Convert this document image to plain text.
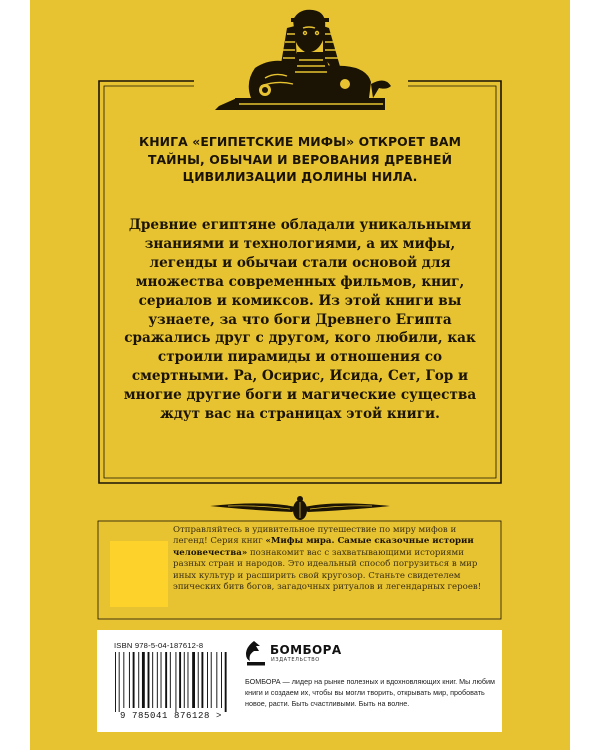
КНИГА «ЕГИПЕТСКИЕ МИФЫ» ОТКРОЕТ ВАМ ТАЙНЫ, ОБЫЧАИ И ВЕРОВАНИЯ ДРЕВНЕЙ ЦИВИЛИЗАЦИИ ДОЛИНЫ НИЛА.
Древние египтяне обладали уникальными знаниями и технологиями, а их мифы, легенды и обычаи стали основой для множества современных фильмов, книг, сериалов и комиксов. Из этой книги вы узнаете, за что боги Древнего Египта сражались друг с другом, кого любили, как строили пирамиды и отношения со смертными. Ра, Осирис, Исида, Сет, Гор и многие другие боги и магические существа ждут вас на страницах этой книги.
Отправляйтесь в удивительное путешествие по миру мифов и легенд! Серия книг «Мифы мира. Самые сказочные истории человечества» познакомит вас с захватывающими историями разных стран и народов. Это идеальный способ погрузиться в мир иных культур и расширить свой кругозор. Станьте свидетелем эпических битв богов, загадочных ритуалов и легендарных героев!
ISBN 978-5-04-187612-8
9 785041 876128 >
БОМБОРА
ИЗДАТЕЛЬСТВО
БОМБОРА — лидер на рынке полезных и вдохновляющих книг. Мы любим книги и создаем их, чтобы вы могли творить, открывать мир, пробовать новое, расти. Быть счастливыми. Быть на волне.
